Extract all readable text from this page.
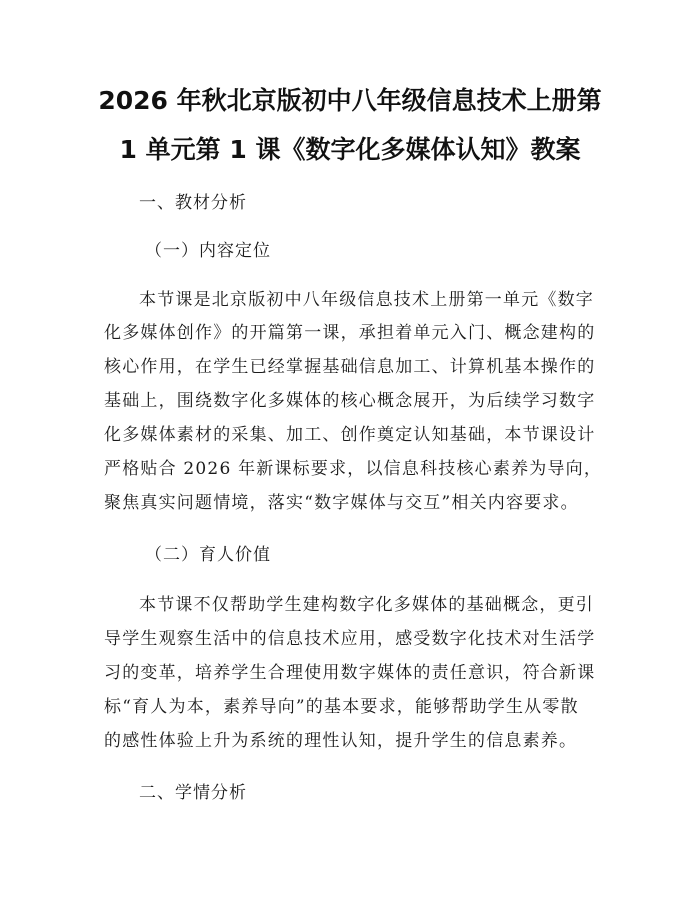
2026 年秋北京版初中八年级信息技术上册第
1 单元第 1 课《数字化多媒体认知》教案
一、教材分析
（一）内容定位
本节课是北京版初中八年级信息技术上册第一单元《数字
化多媒体创作》的开篇第一课，承担着单元入门、概念建构的
核心作用，在学生已经掌握基础信息加工、计算机基本操作的
基础上，围绕数字化多媒体的核心概念展开，为后续学习数字
化多媒体素材的采集、加工、创作奠定认知基础，本节课设计
严格贴合 2026 年新课标要求，以信息科技核心素养为导向，
聚焦真实问题情境，落实“数字媒体与交互”相关内容要求。
（二）育人价值
本节课不仅帮助学生建构数字化多媒体的基础概念，更引
导学生观察生活中的信息技术应用，感受数字化技术对生活学
习的变革，培养学生合理使用数字媒体的责任意识，符合新课
标“育人为本，素养导向”的基本要求，能够帮助学生从零散
的感性体验上升为系统的理性认知，提升学生的信息素养。
二、学情分析
